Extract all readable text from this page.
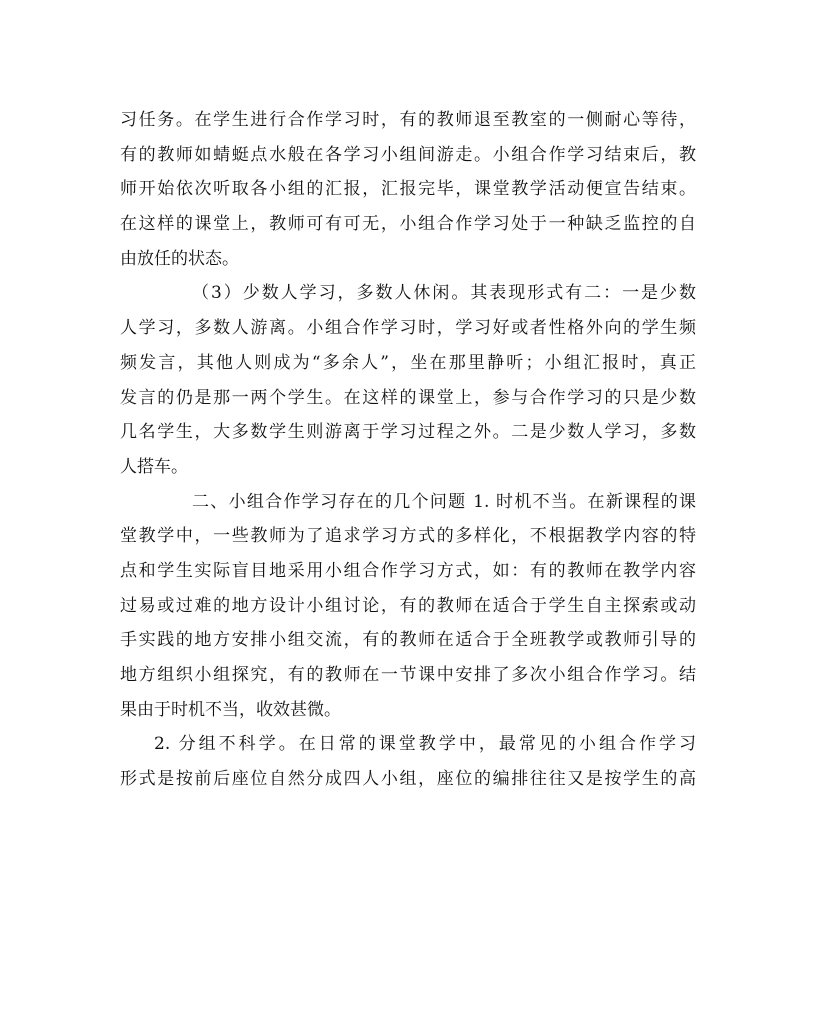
习任务。在学生进行合作学习时，有的教师退至教室的一侧耐心等待，
有的教师如蜻蜓点水般在各学习小组间游走。小组合作学习结束后，教
师开始依次听取各小组的汇报，汇报完毕，课堂教学活动便宣告结束。
在这样的课堂上，教师可有可无，小组合作学习处于一种缺乏监控的自
由放任的状态。
（3）少数人学习，多数人休闲。其表现形式有二：一是少数
人学习，多数人游离。小组合作学习时，学习好或者性格外向的学生频
频发言，其他人则成为“多余人”，坐在那里静听；小组汇报时，真正
发言的仍是那一两个学生。在这样的课堂上，参与合作学习的只是少数
几名学生，大多数学生则游离于学习过程之外。二是少数人学习，多数
人搭车。
二、小组合作学习存在的几个问题 1. 时机不当。在新课程的课
堂教学中，一些教师为了追求学习方式的多样化，不根据教学内容的特
点和学生实际盲目地采用小组合作学习方式，如：有的教师在教学内容
过易或过难的地方设计小组讨论，有的教师在适合于学生自主探索或动
手实践的地方安排小组交流，有的教师在适合于全班教学或教师引导的
地方组织小组探究，有的教师在一节课中安排了多次小组合作学习。结
果由于时机不当，收效甚微。
2. 分组不科学。在日常的课堂教学中，最常见的小组合作学习
形式是按前后座位自然分成四人小组，座位的编排往往又是按学生的高
